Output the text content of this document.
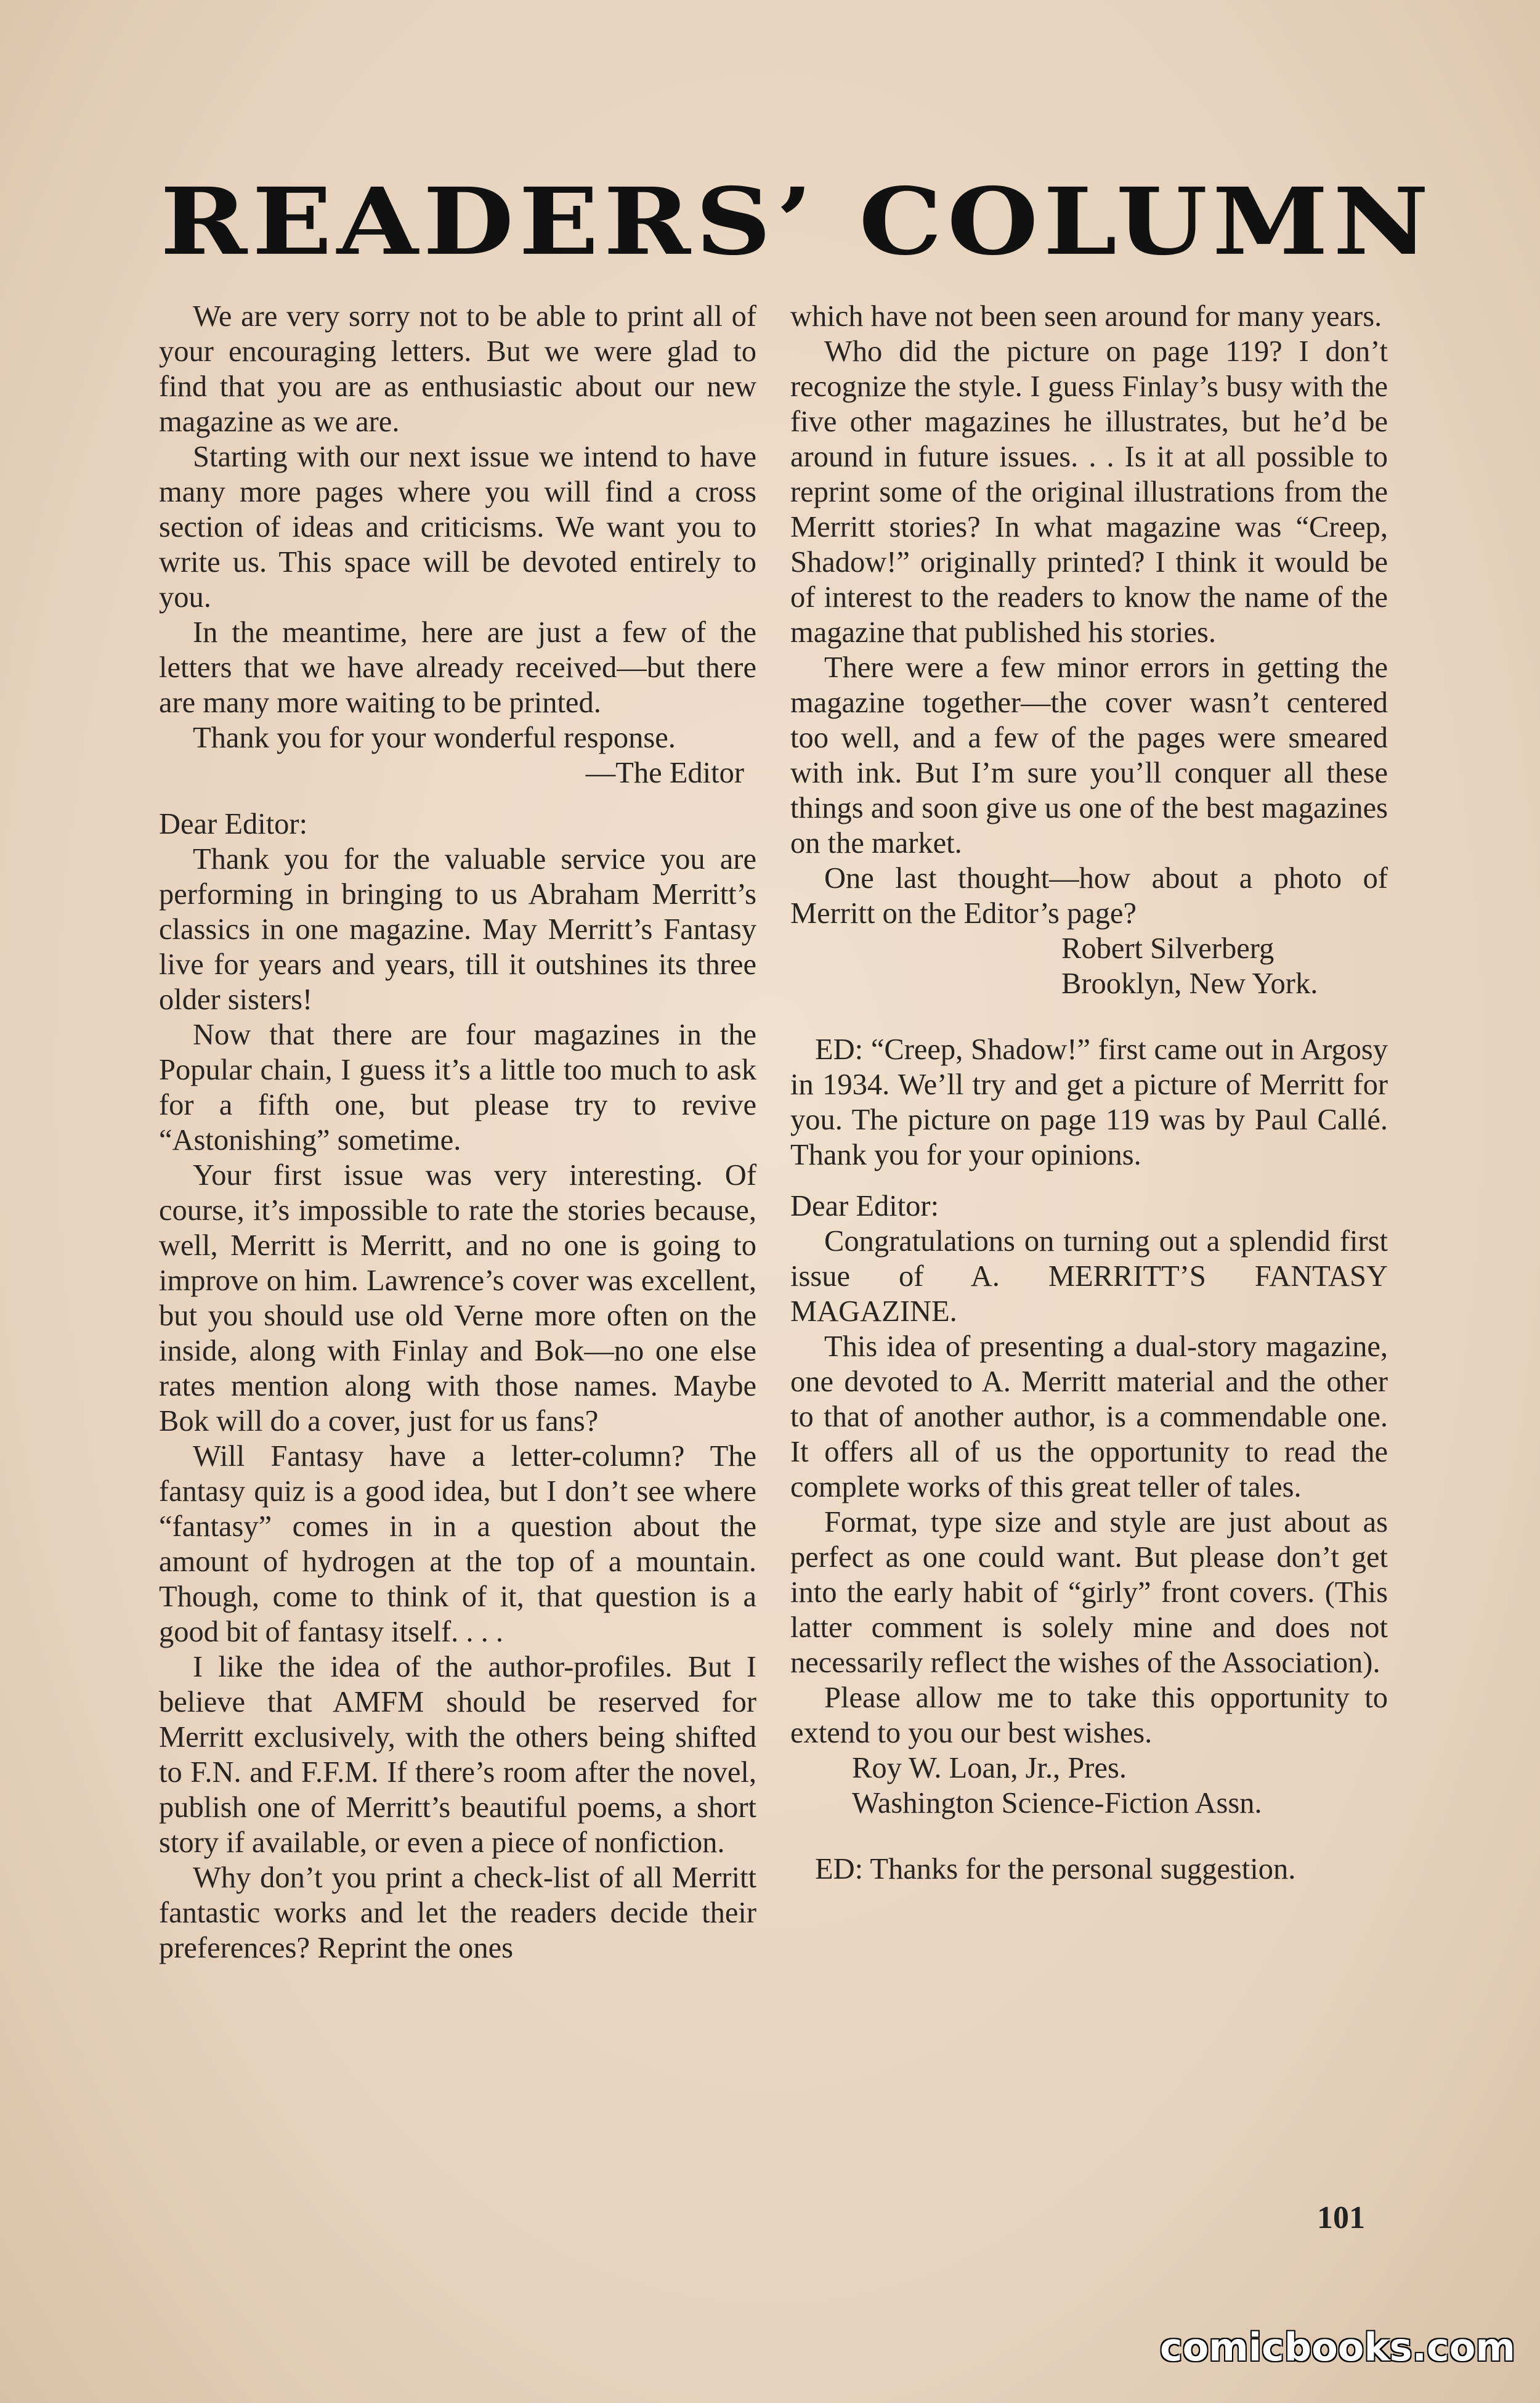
READERS’ COLUMN

We are very sorry not to be able to print all of your encouraging letters. But we were glad to find that you are as enthusiastic about our new magazine as we are.

Starting with our next issue we intend to have many more pages where you will find a cross section of ideas and criticisms. We want you to write us. This space will be devoted entirely to you.

In the meantime, here are just a few of the letters that we have already received—but there are many more waiting to be printed.

Thank you for your wonderful response.

—The Editor

Dear Editor:

Thank you for the valuable service you are performing in bringing to us Abraham Merritt’s classics in one magazine. May Merritt’s Fantasy live for years and years, till it outshines its three older sisters!

Now that there are four magazines in the Popular chain, I guess it’s a little too much to ask for a fifth one, but please try to revive “Astonishing” sometime.

Your first issue was very interesting. Of course, it’s impossible to rate the stories because, well, Merritt is Merritt, and no one is going to improve on him. Lawrence’s cover was excellent, but you should use old Verne more often on the inside, along with Finlay and Bok—no one else rates mention along with those names. Maybe Bok will do a cover, just for us fans?

Will Fantasy have a letter-column? The fantasy quiz is a good idea, but I don’t see where “fantasy” comes in in a question about the amount of hydrogen at the top of a mountain. Though, come to think of it, that question is a good bit of fantasy itself. . . .

I like the idea of the author-profiles. But I believe that AMFM should be reserved for Merritt exclusively, with the others being shifted to F.N. and F.F.M. If there’s room after the novel, publish one of Merritt’s beautiful poems, a short story if available, or even a piece of nonfiction.

Why don’t you print a check-list of all Merritt fantastic works and let the readers decide their preferences? Reprint the ones

which have not been seen around for many years.

Who did the picture on page 119? I don’t recognize the style. I guess Finlay’s busy with the five other magazines he illustrates, but he’d be around in future issues. . . Is it at all possible to reprint some of the original illustrations from the Merritt stories? In what magazine was “Creep, Shadow!” originally printed? I think it would be of interest to the readers to know the name of the magazine that published his stories.

There were a few minor errors in getting the magazine together—the cover wasn’t centered too well, and a few of the pages were smeared with ink. But I’m sure you’ll conquer all these things and soon give us one of the best magazines on the market.

One last thought—how about a photo of Merritt on the Editor’s page?

Robert Silverberg

Brooklyn, New York.

ED: “Creep, Shadow!” first came out in Argosy in 1934. We’ll try and get a picture of Merritt for you. The picture on page 119 was by Paul Callé. Thank you for your opinions.

Dear Editor:

Congratulations on turning out a splendid first issue of A. MERRITT’S FANTASY MAGAZINE.

This idea of presenting a dual-story magazine, one devoted to A. Merritt material and the other to that of another author, is a commendable one. It offers all of us the opportunity to read the complete works of this great teller of tales.

Format, type size and style are just about as perfect as one could want. But please don’t get into the early habit of “girly” front covers. (This latter comment is solely mine and does not necessarily reflect the wishes of the Association).

Please allow me to take this opportunity to extend to you our best wishes.

Roy W. Loan, Jr., Pres.

Washington Science-Fiction Assn.

ED: Thanks for the personal suggestion.

101
comicbooks.com
